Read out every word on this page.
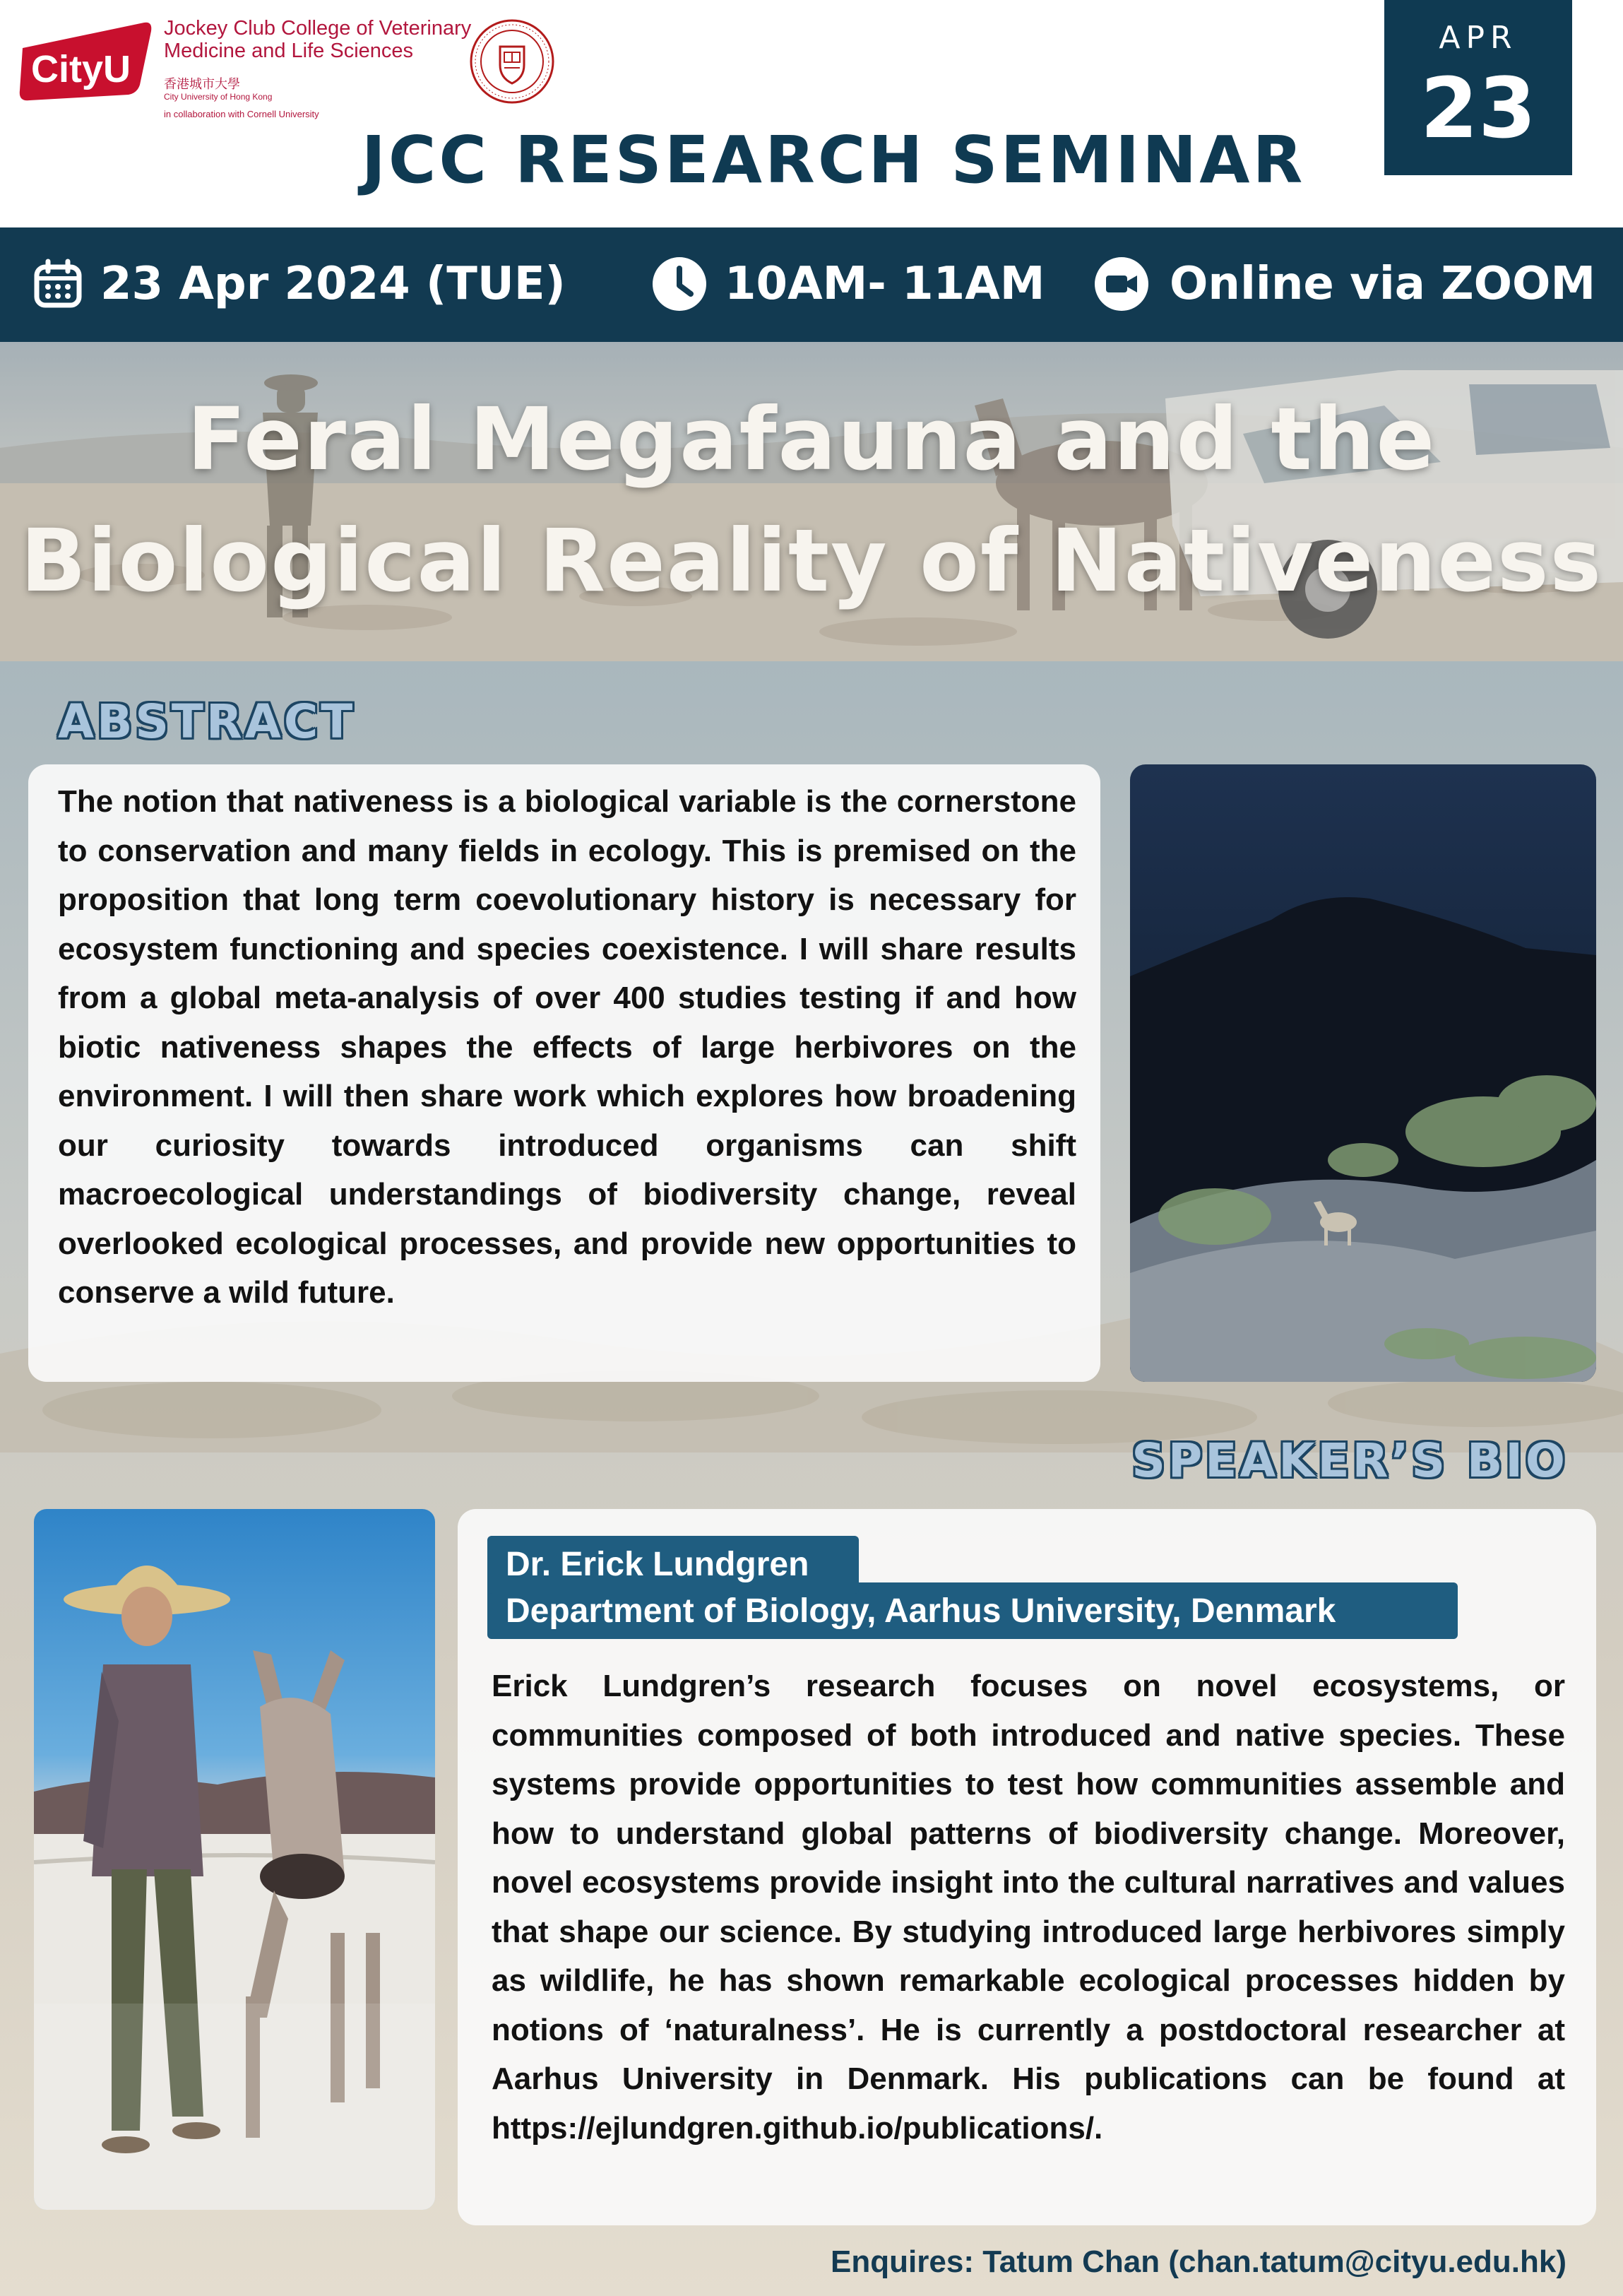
CityU
Jockey Club College of Veterinary
Medicine and Life Sciences
香港城市大學
City University of Hong Kong
in collaboration with Cornell University
JCC RESEARCH SEMINAR
APR
23
23 Apr 2024 (TUE)	10AM- 11AM	Online via ZOOM
Feral Megafauna and the
Biological Reality of Nativeness
ABSTRACT
The notion that nativeness is a biological variable is the cornerstone to conservation and many fields in ecology. This is premised on the proposition that long term coevolutionary history is necessary for ecosystem functioning and species coexistence. I will share results from a global meta-analysis of over 400 studies testing if and how biotic nativeness shapes the effects of large herbivores on the environment. I will then share work which explores how broadening our curiosity towards introduced organisms can shift macroecological understandings of biodiversity change, reveal overlooked ecological processes, and provide new opportunities to conserve a wild future.
SPEAKER’S BIO
Dr. Erick Lundgren
Department of Biology, Aarhus University, Denmark
Erick Lundgren’s research focuses on novel ecosystems, or communities composed of both introduced and native species. These systems provide opportunities to test how communities assemble and how to understand global patterns of biodiversity change. Moreover, novel ecosystems provide insight into the cultural narratives and values that shape our science. By studying introduced large herbivores simply as wildlife, he has shown remarkable ecological processes hidden by notions of ‘naturalness’. He is currently a postdoctoral researcher at Aarhus University in Denmark. His publications can be found at https://ejlundgren.github.io/publications/.
Enquires: Tatum Chan (chan.tatum@cityu.edu.hk)
